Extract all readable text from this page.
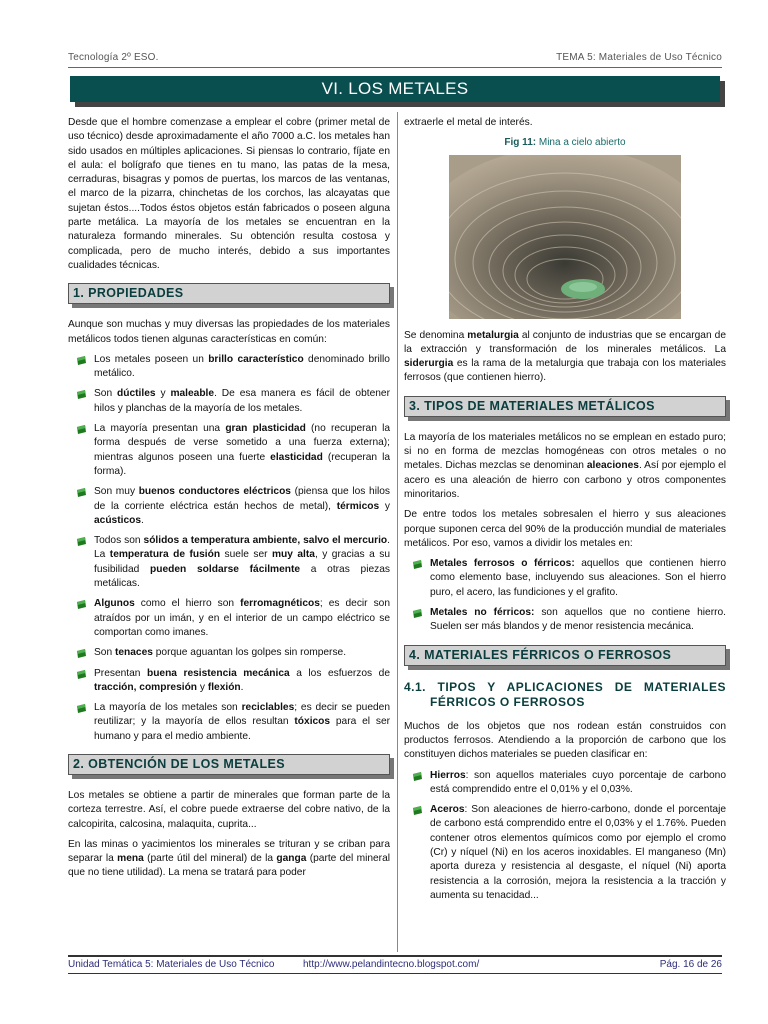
Tecnología 2º ESO.	TEMA 5: Materiales de Uso Técnico
VI. LOS METALES

Desde que el hombre comenzase a emplear el cobre (primer metal de uso técnico) desde aproximadamente el año 7000 a.C. los metales han sido usados en múltiples aplicaciones. Si piensas lo contrario, fíjate en el aula: el bolígrafo que tienes en tu mano, las patas de la mesa, cerraduras, bisagras y pomos de puertas, los marcos de las ventanas, el marco de la pizarra, chinchetas de los corchos, las alcayatas que sujetan éstos....Todos éstos objetos están fabricados o poseen alguna parte metálica. La mayoría de los metales se encuentran en la naturaleza formando minerales. Su obtención resulta costosa y complicada, pero de mucho interés, debido a sus importantes cualidades técnicas.

1. PROPIEDADES

Aunque son muchas y muy diversas las propiedades de los materiales metálicos todos tienen algunas características en común:

Los metales poseen un brillo característico denominado brillo metálico.
Son dúctiles y maleable. De esa manera es fácil de obtener hilos y planchas de la mayoría de los metales.
La mayoría presentan una gran plasticidad (no recuperan la forma después de verse sometido a una fuerza externa); mientras algunos poseen una fuerte elasticidad (recuperan la forma).
Son muy buenos conductores eléctricos (piensa que los hilos de la corriente eléctrica están hechos de metal), térmicos y acústicos.
Todos son sólidos a temperatura ambiente, salvo el mercurio. La temperatura de fusión suele ser muy alta, y gracias a su fusibilidad pueden soldarse fácilmente a otras piezas metálicas.
Algunos como el hierro son ferromagnéticos; es decir son atraídos por un imán, y en el interior de un campo eléctrico se comportan como imanes.
Son tenaces porque aguantan los golpes sin romperse.
Presentan buena resistencia mecánica a los esfuerzos de tracción, compresión y flexión.
La mayoría de los metales son reciclables; es decir se pueden reutilizar; y la mayoría de ellos resultan tóxicos para el ser humano y para el medio ambiente.
2. OBTENCIÓN DE LOS METALES

Los metales se obtiene a partir de minerales que forman parte de la corteza terrestre. Así, el cobre puede extraerse del cobre nativo, de la calcopirita, calcosina, malaquita, cuprita...

En las minas o yacimientos los minerales se trituran y se criban para separar la mena (parte útil del mineral) de la ganga (parte del mineral que no tiene utilidad). La mena se tratará para poder

extraerle el metal de interés.

Fig 11: Mina a cielo abierto

Se denomina metalurgia al conjunto de industrias que se encargan de la extracción y transformación de los minerales metálicos. La siderurgia es la rama de la metalurgia que trabaja con los materiales ferrosos (que contienen hierro).

3. TIPOS DE MATERIALES METÁLICOS

La mayoría de los materiales metálicos no se emplean en estado puro; si no en forma de mezclas homogéneas con otros metales o no metales. Dichas mezclas se denominan aleaciones. Así por ejemplo el acero es una aleación de hierro con carbono y otros componentes minoritarios.

De entre todos los metales sobresalen el hierro y sus aleaciones porque suponen cerca del 90% de la producción mundial de materiales metálicos. Por eso, vamos a dividir los metales en:

Metales ferrosos o férricos: aquellos que contienen hierro como elemento base, incluyendo sus aleaciones. Son el hierro puro, el acero, las fundiciones y el grafito.
Metales no férricos: son aquellos que no contiene hierro. Suelen ser más blandos y de menor resistencia mecánica.
4. MATERIALES FÉRRICOS O FERROSOS
4.1. TIPOS Y APLICACIONES DE MATERIALES FÉRRICOS O FERROSOS

Muchos de los objetos que nos rodean están construidos con productos ferrosos. Atendiendo a la proporción de carbono que los constituyen dichos materiales se pueden clasificar en:

Hierros: son aquellos materiales cuyo porcentaje de carbono está comprendido entre el 0,01% y el 0,03%.
Aceros: Son aleaciones de hierro-carbono, donde el porcentaje de carbono está comprendido entre el 0,03% y el 1.76%. Pueden contener otros elementos químicos como por ejemplo el cromo (Cr) y níquel (Ni) en los aceros inoxidables. El manganeso (Mn) aporta dureza y resistencia al desgaste, el níquel (Ni) aporta resistencia a la corrosión, mejora la resistencia a la tracción y aumenta su tenacidad...
Unidad Temática 5: Materiales de Uso Técnico	http://www.pelandintecno.blogspot.com/	Pág. 16 de 26
